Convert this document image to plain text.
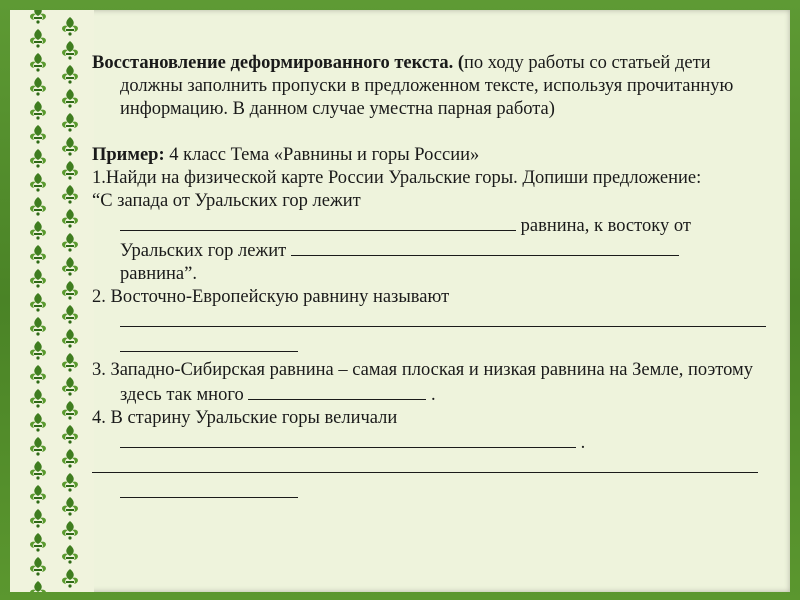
Восстановление деформированного текста. (по ходу работы со статьей дети должны заполнить пропуски в предложенном тексте, используя прочитанную информацию. В данном случае уместна парная работа)

Пример: 4 класс Тема «Равнины и горы России»

1.Найди на физической карте России Уральские горы. Допиши предложение:

“С запада от Уральских гор лежит
равнина, к востоку от Уральских гор лежит
равнина”.

2. Восточно-Европейскую равнину называют

3. Западно-Сибирская равнина – самая плоская и низкая равнина на Земле, поэтому здесь так много	.

4. В старину Уральские горы величали
.
